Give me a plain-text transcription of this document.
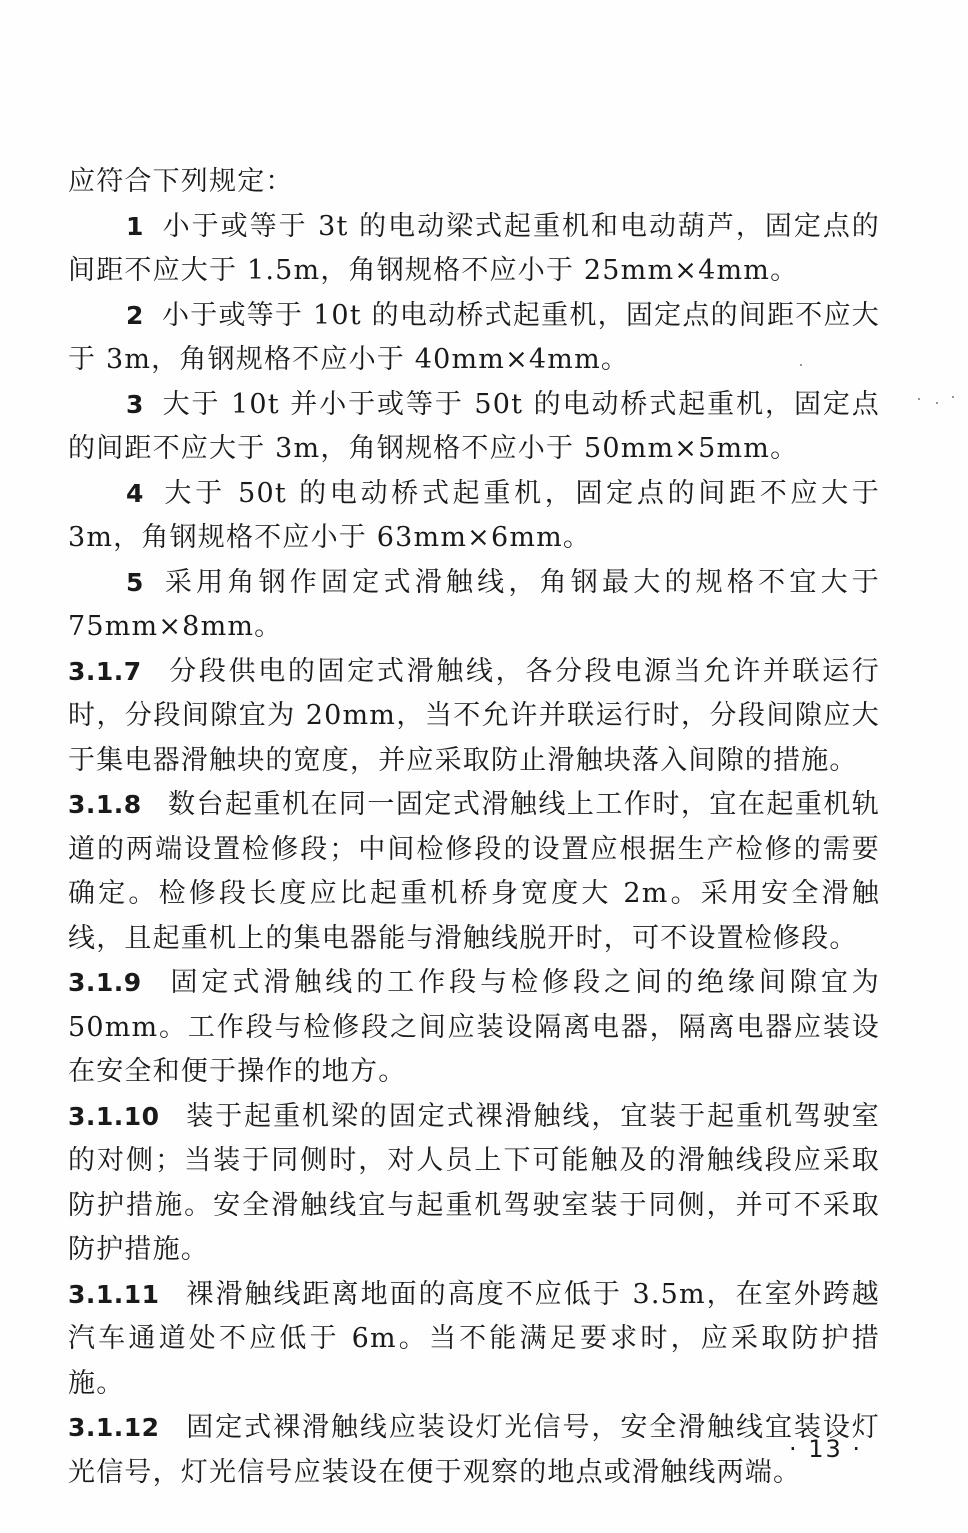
应符合下列规定：

1 小于或等于 3t 的电动梁式起重机和电动葫芦，固定点的间距不应大于 1.5m，角钢规格不应小于 25mm×4mm。

2 小于或等于 10t 的电动桥式起重机，固定点的间距不应大于 3m，角钢规格不应小于 40mm×4mm。

3 大于 10t 并小于或等于 50t 的电动桥式起重机，固定点的间距不应大于 3m，角钢规格不应小于 50mm×5mm。

4 大于 50t 的电动桥式起重机，固定点的间距不应大于 3m，角钢规格不应小于 63mm×6mm。

5 采用角钢作固定式滑触线，角钢最大的规格不宜大于75mm×8mm。

3.1.7 分段供电的固定式滑触线，各分段电源当允许并联运行时，分段间隙宜为 20mm，当不允许并联运行时，分段间隙应大于集电器滑触块的宽度，并应采取防止滑触块落入间隙的措施。

3.1.8 数台起重机在同一固定式滑触线上工作时，宜在起重机轨道的两端设置检修段；中间检修段的设置应根据生产检修的需要确定。检修段长度应比起重机桥身宽度大 2m。采用安全滑触线，且起重机上的集电器能与滑触线脱开时，可不设置检修段。

3.1.9 固定式滑触线的工作段与检修段之间的绝缘间隙宜为50mm。工作段与检修段之间应装设隔离电器，隔离电器应装设在安全和便于操作的地方。

3.1.10 装于起重机梁的固定式裸滑触线，宜装于起重机驾驶室的对侧；当装于同侧时，对人员上下可能触及的滑触线段应采取防护措施。安全滑触线宜与起重机驾驶室装于同侧，并可不采取防护措施。

3.1.11 裸滑触线距离地面的高度不应低于 3.5m，在室外跨越汽车通道处不应低于 6m。当不能满足要求时，应采取防护措施。

3.1.12 固定式裸滑触线应装设灯光信号，安全滑触线宜装设灯光信号，灯光信号应装设在便于观察的地点或滑触线两端。

· 13 ·
